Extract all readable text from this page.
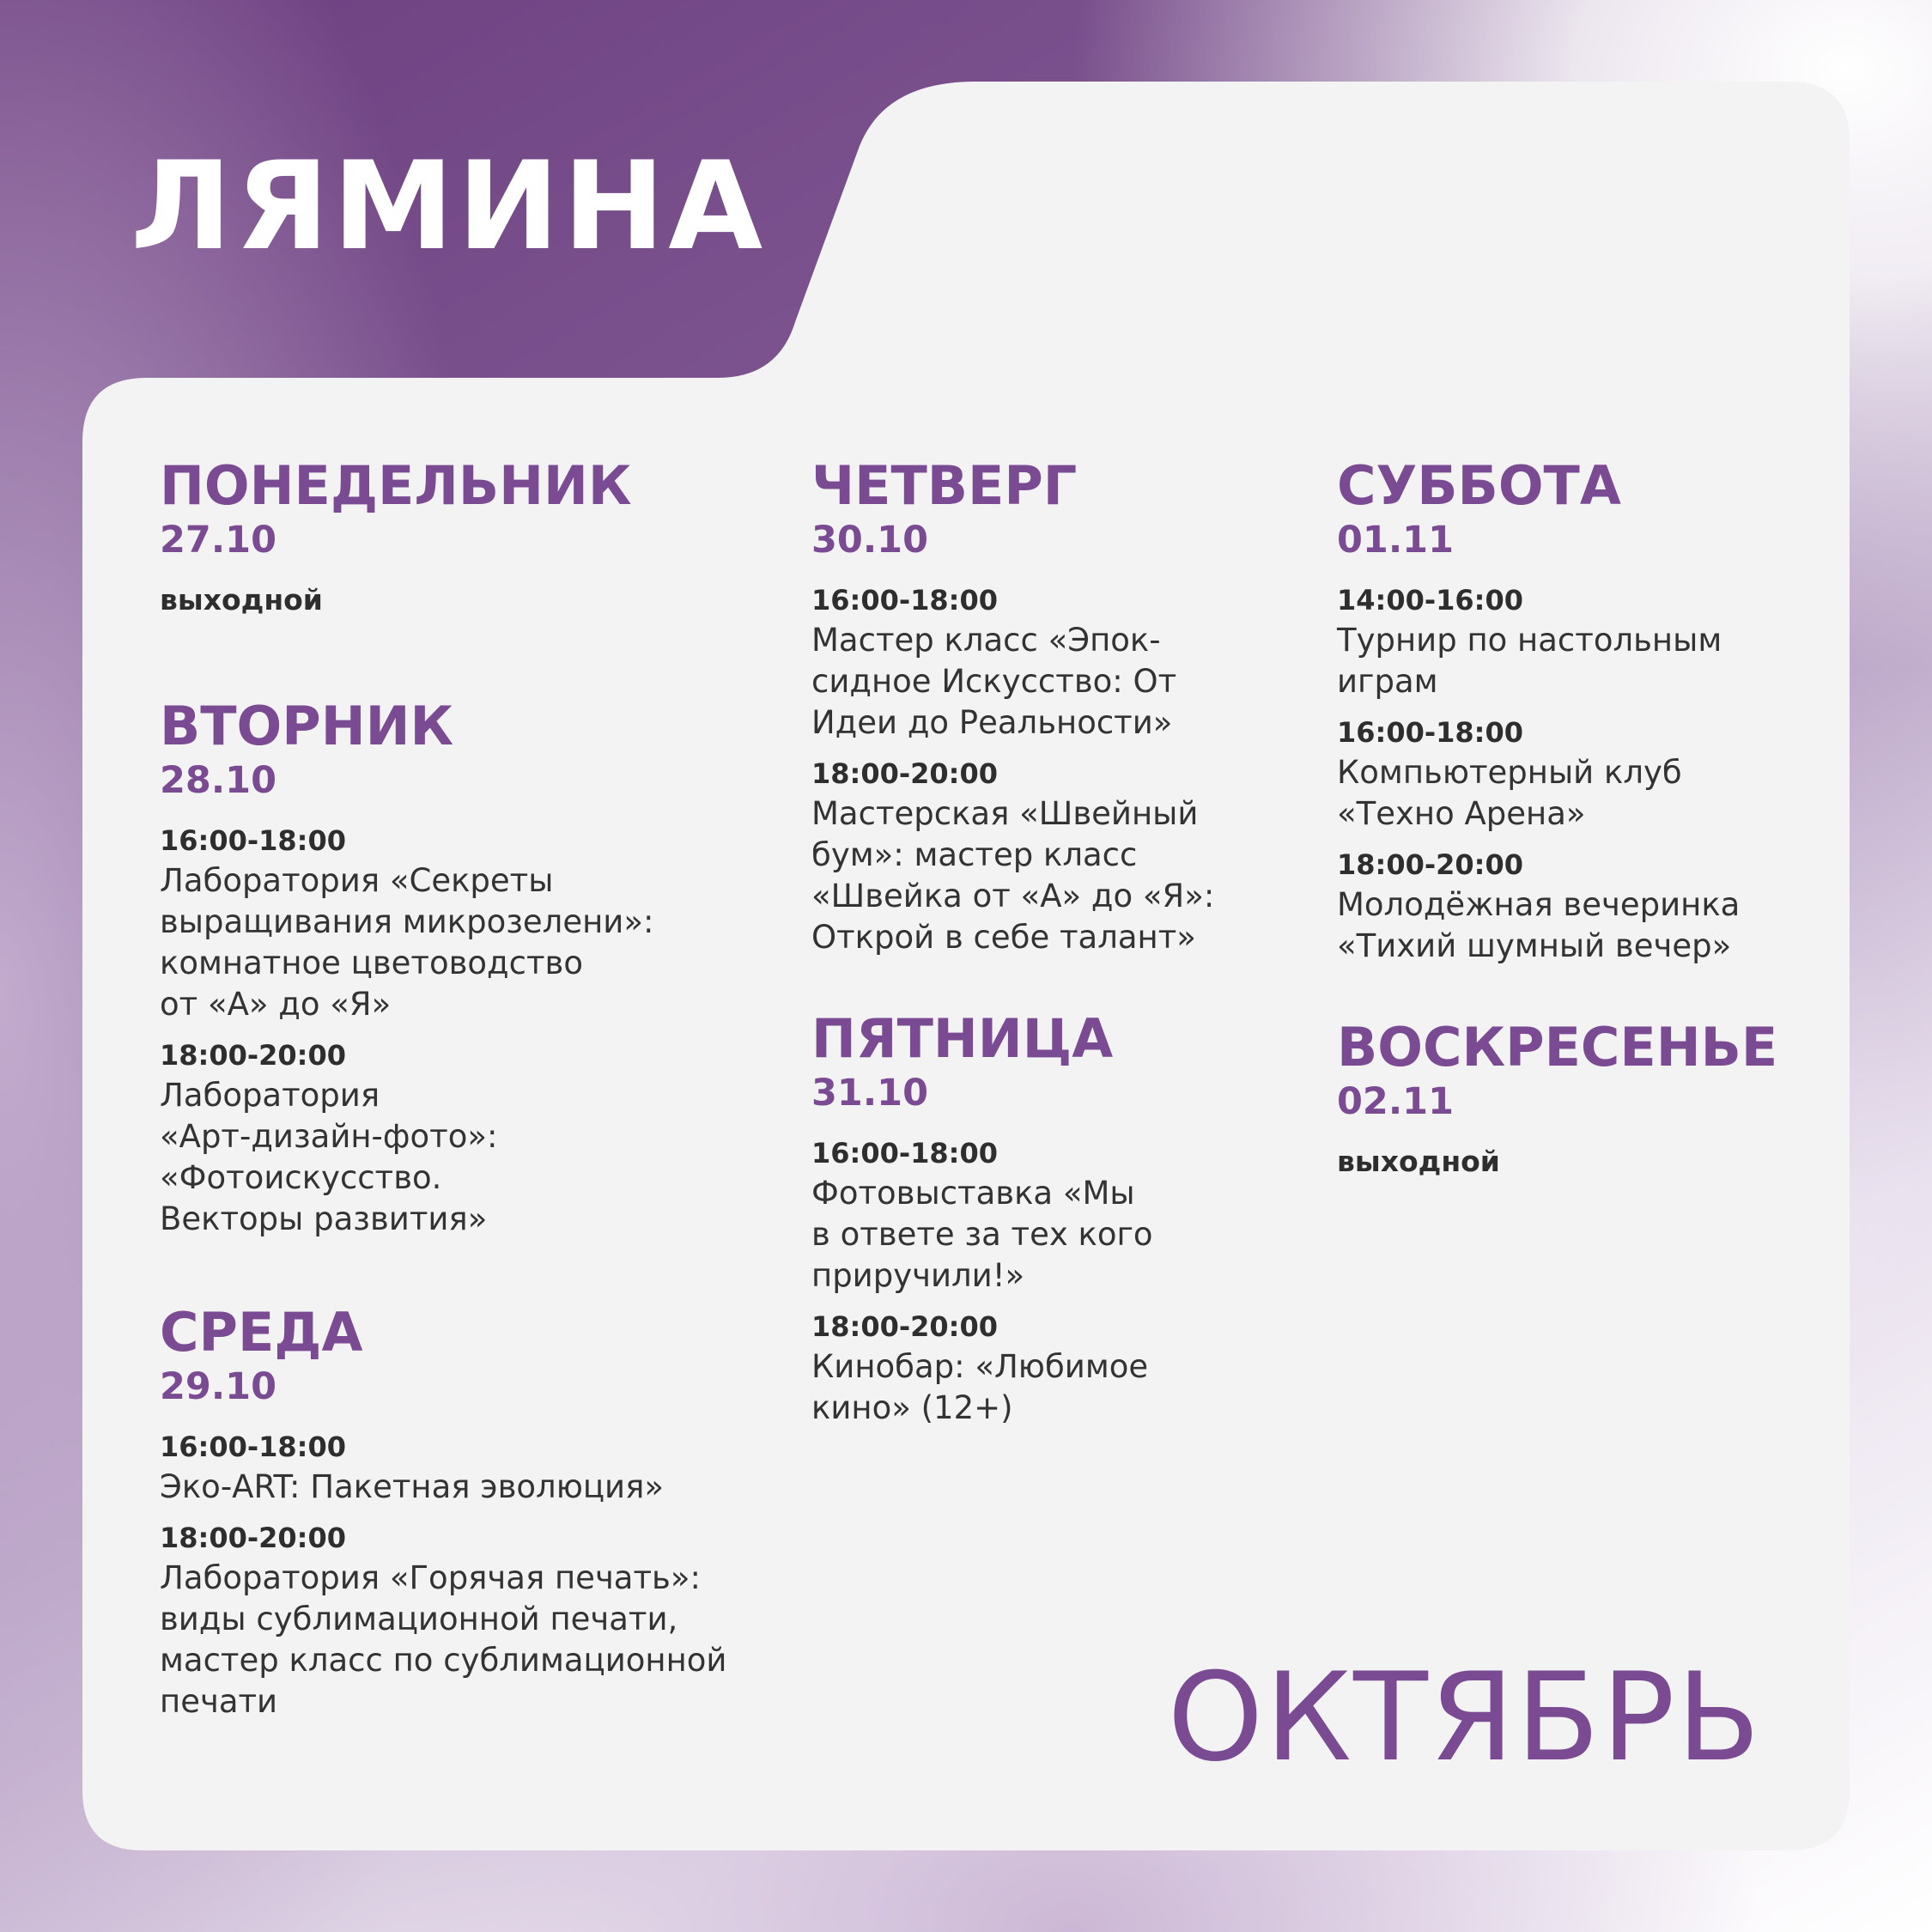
ЛЯМИНА
ПОНЕДЕЛЬНИК
27.10
выходной
ВТОРНИК
28.10
16:00-18:00
Лаборатория «Секреты
выращивания микрозелени»:
комнатное цветоводство
от «А» до «Я»
18:00-20:00
Лаборатория
«Арт-дизайн-фото»:
«Фотоискусство.
Векторы развития»
СРЕДА
29.10
16:00-18:00
Эко-ART: Пакетная эволюция»
18:00-20:00
Лаборатория «Горячая печать»:
виды сублимационной печати,
мастер класс по сублимационной
печати
ЧЕТВЕРГ
30.10
16:00-18:00
Мастер класс «Эпок-
сидное Искусство: От
Идеи до Реальности»
18:00-20:00
Мастерская «Швейный
бум»: мастер класс
«Швейка от «А» до «Я»:
Открой в себе талант»
ПЯТНИЦА
31.10
16:00-18:00
Фотовыставка «Мы
в ответе за тех кого
приручили!»
18:00-20:00
Кинобар: «Любимое
кино» (12+)
СУББОТА
01.11
14:00-16:00
Турнир по настольным
играм
16:00-18:00
Компьютерный клуб
«Техно Арена»
18:00-20:00
Молодёжная вечеринка
«Тихий шумный вечер»
ВОСКРЕСЕНЬЕ
02.11
выходной
ОКТЯБРЬ
